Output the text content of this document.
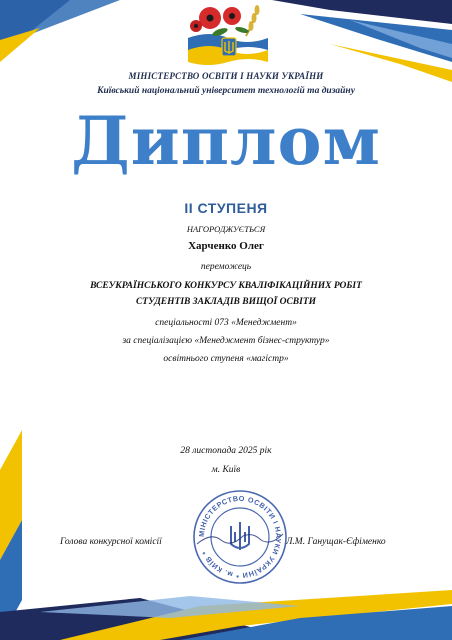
МІНІСТЕРСТВО ОСВІТИ І НАУКИ УКРАЇНИ
Київський національний університет технологій та дизайну
Диплом
ІІ СТУПЕНЯ
НАГОРОДЖУЄТЬСЯ
Харченко Олег
переможець
ВСЕУКРАЇНСЬКОГО КОНКУРСУ КВАЛІФІКАЦІЙНИХ РОБІТ
СТУДЕНТІВ ЗАКЛАДІВ ВИЩОЇ ОСВІТИ
спеціальності 073 «Менеджмент»
за спеціалізацією «Менеджмент бізнес-структур»
освітнього ступеня «магістр»
28 листопада 2025 рік
м. Київ
Голова конкурсної комісії	Л.М. Ганущак-Єфіменко
МІНІСТЕРСТВО ОСВІТИ І НАУКИ УКРАЇНИ * м. КИЇВ *
